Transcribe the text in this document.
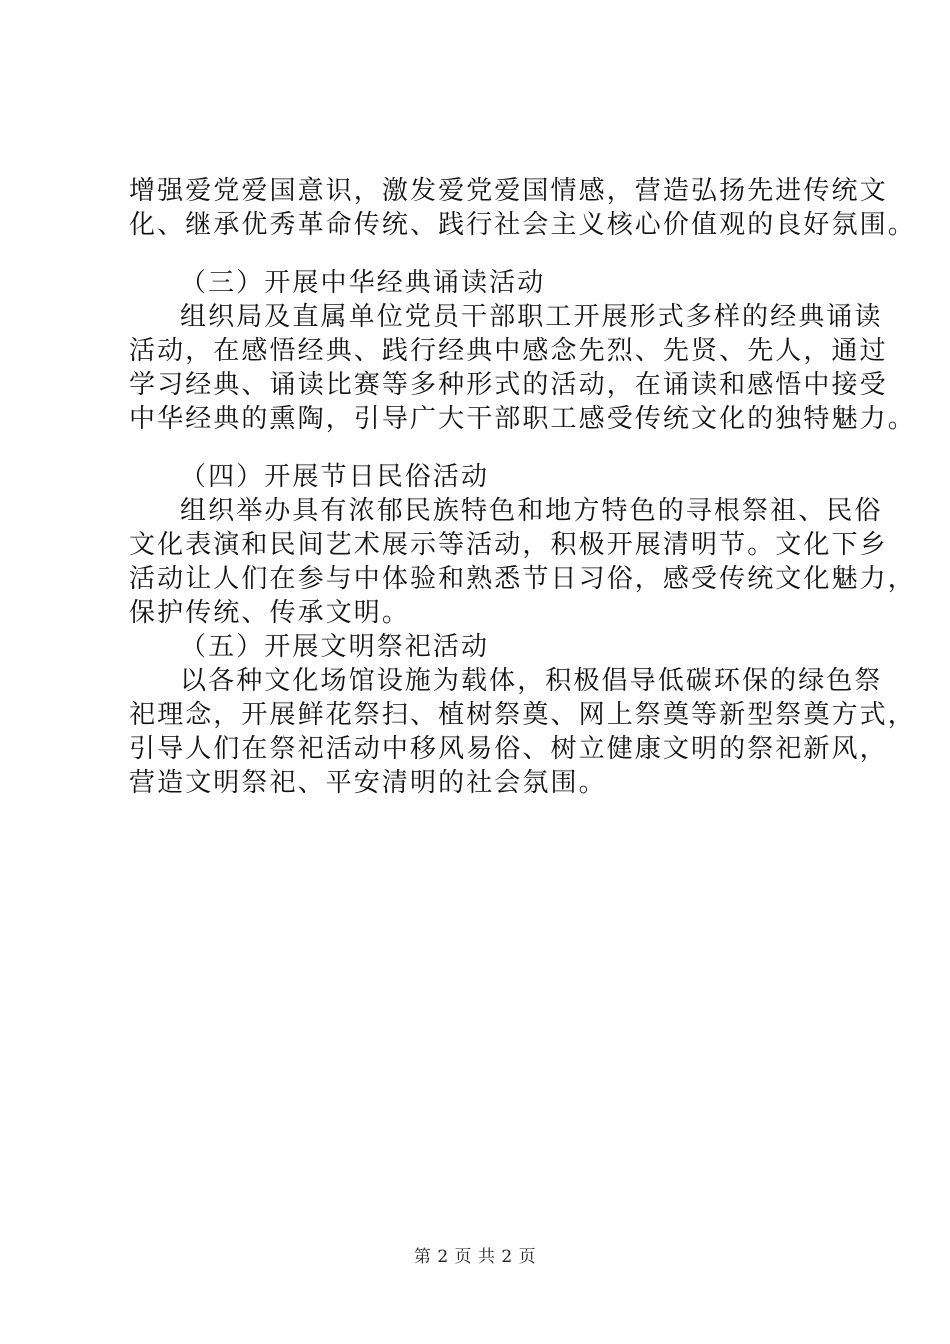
增强爱党爱国意识，激发爱党爱国情感，营造弘扬先进传统文
化、继承优秀革命传统、践行社会主义核心价值观的良好氛围。
（三）开展中华经典诵读活动
组织局及直属单位党员干部职工开展形式多样的经典诵读
活动，在感悟经典、践行经典中感念先烈、先贤、先人，通过
学习经典、诵读比赛等多种形式的活动，在诵读和感悟中接受
中华经典的熏陶，引导广大干部职工感受传统文化的独特魅力。
（四）开展节日民俗活动
组织举办具有浓郁民族特色和地方特色的寻根祭祖、民俗
文化表演和民间艺术展示等活动，积极开展清明节。文化下乡
活动让人们在参与中体验和熟悉节日习俗，感受传统文化魅力，
保护传统、传承文明。
（五）开展文明祭祀活动
以各种文化场馆设施为载体，积极倡导低碳环保的绿色祭
祀理念，开展鲜花祭扫、植树祭奠、网上祭奠等新型祭奠方式，
引导人们在祭祀活动中移风易俗、树立健康文明的祭祀新风，
营造文明祭祀、平安清明的社会氛围。
第 2 页 共 2 页
